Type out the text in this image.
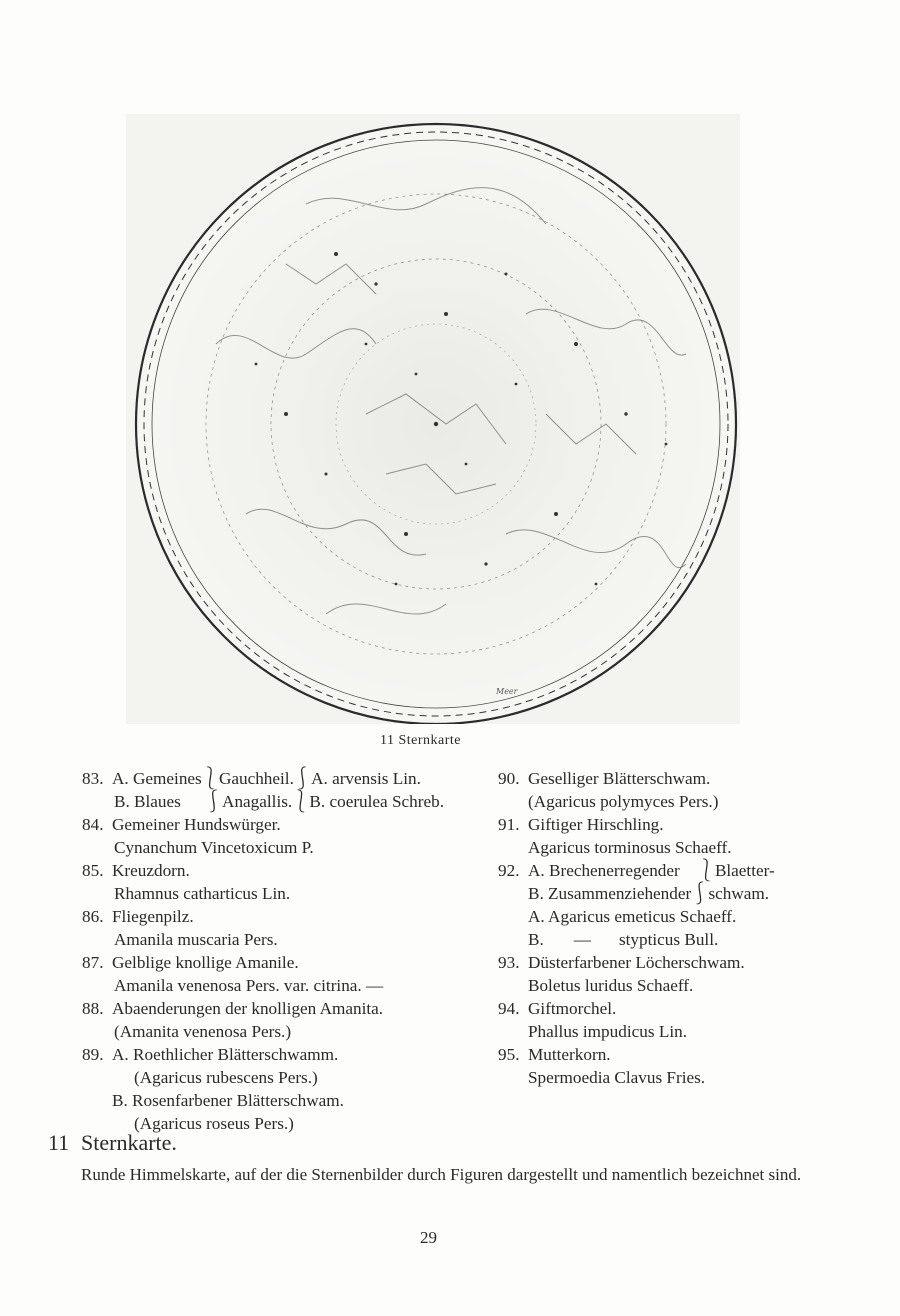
Meer
11 Sternkarte
83. A. Gemeines⎱Gauchheil.⎰A. arvensis Lin.
B. Blaues ⎰Anagallis.⎱B. coerulea Schreb.
84. Gemeiner Hundswürger.
Cynanchum Vincetoxicum P.
85. Kreuzdorn.
Rhamnus catharticus Lin.
86. Fliegenpilz.
Amanila muscaria Pers.
87. Gelblige knollige Amanile.
Amanila venenosa Pers. var. citrina. —
88. Abaenderungen der knolligen Amanita.
(Amanita venenosa Pers.)
89. A. Roethlicher Blätterschwamm.
(Agaricus rubescens Pers.)
B. Rosenfarbener Blätterschwam.
(Agaricus roseus Pers.)
90. Geselliger Blätterschwam.
(Agaricus polymyces Pers.)
91. Giftiger Hirschling.
Agaricus torminosus Schaeff.
92. A. Brechenerregender ⎱Blaetter-
B. Zusammenziehender⎰schwam.
A. Agaricus emeticus Schaeff.
B. — stypticus Bull.
93. Düsterfarbener Löcherschwam.
Boletus luridus Schaeff.
94. Giftmorchel.
Phallus impudicus Lin.
95. Mutterkorn.
Spermoedia Clavus Fries.
11 Sternkarte.
Runde Himmelskarte, auf der die Sternenbilder durch Figuren dargestellt und namentlich bezeichnet sind.
29
